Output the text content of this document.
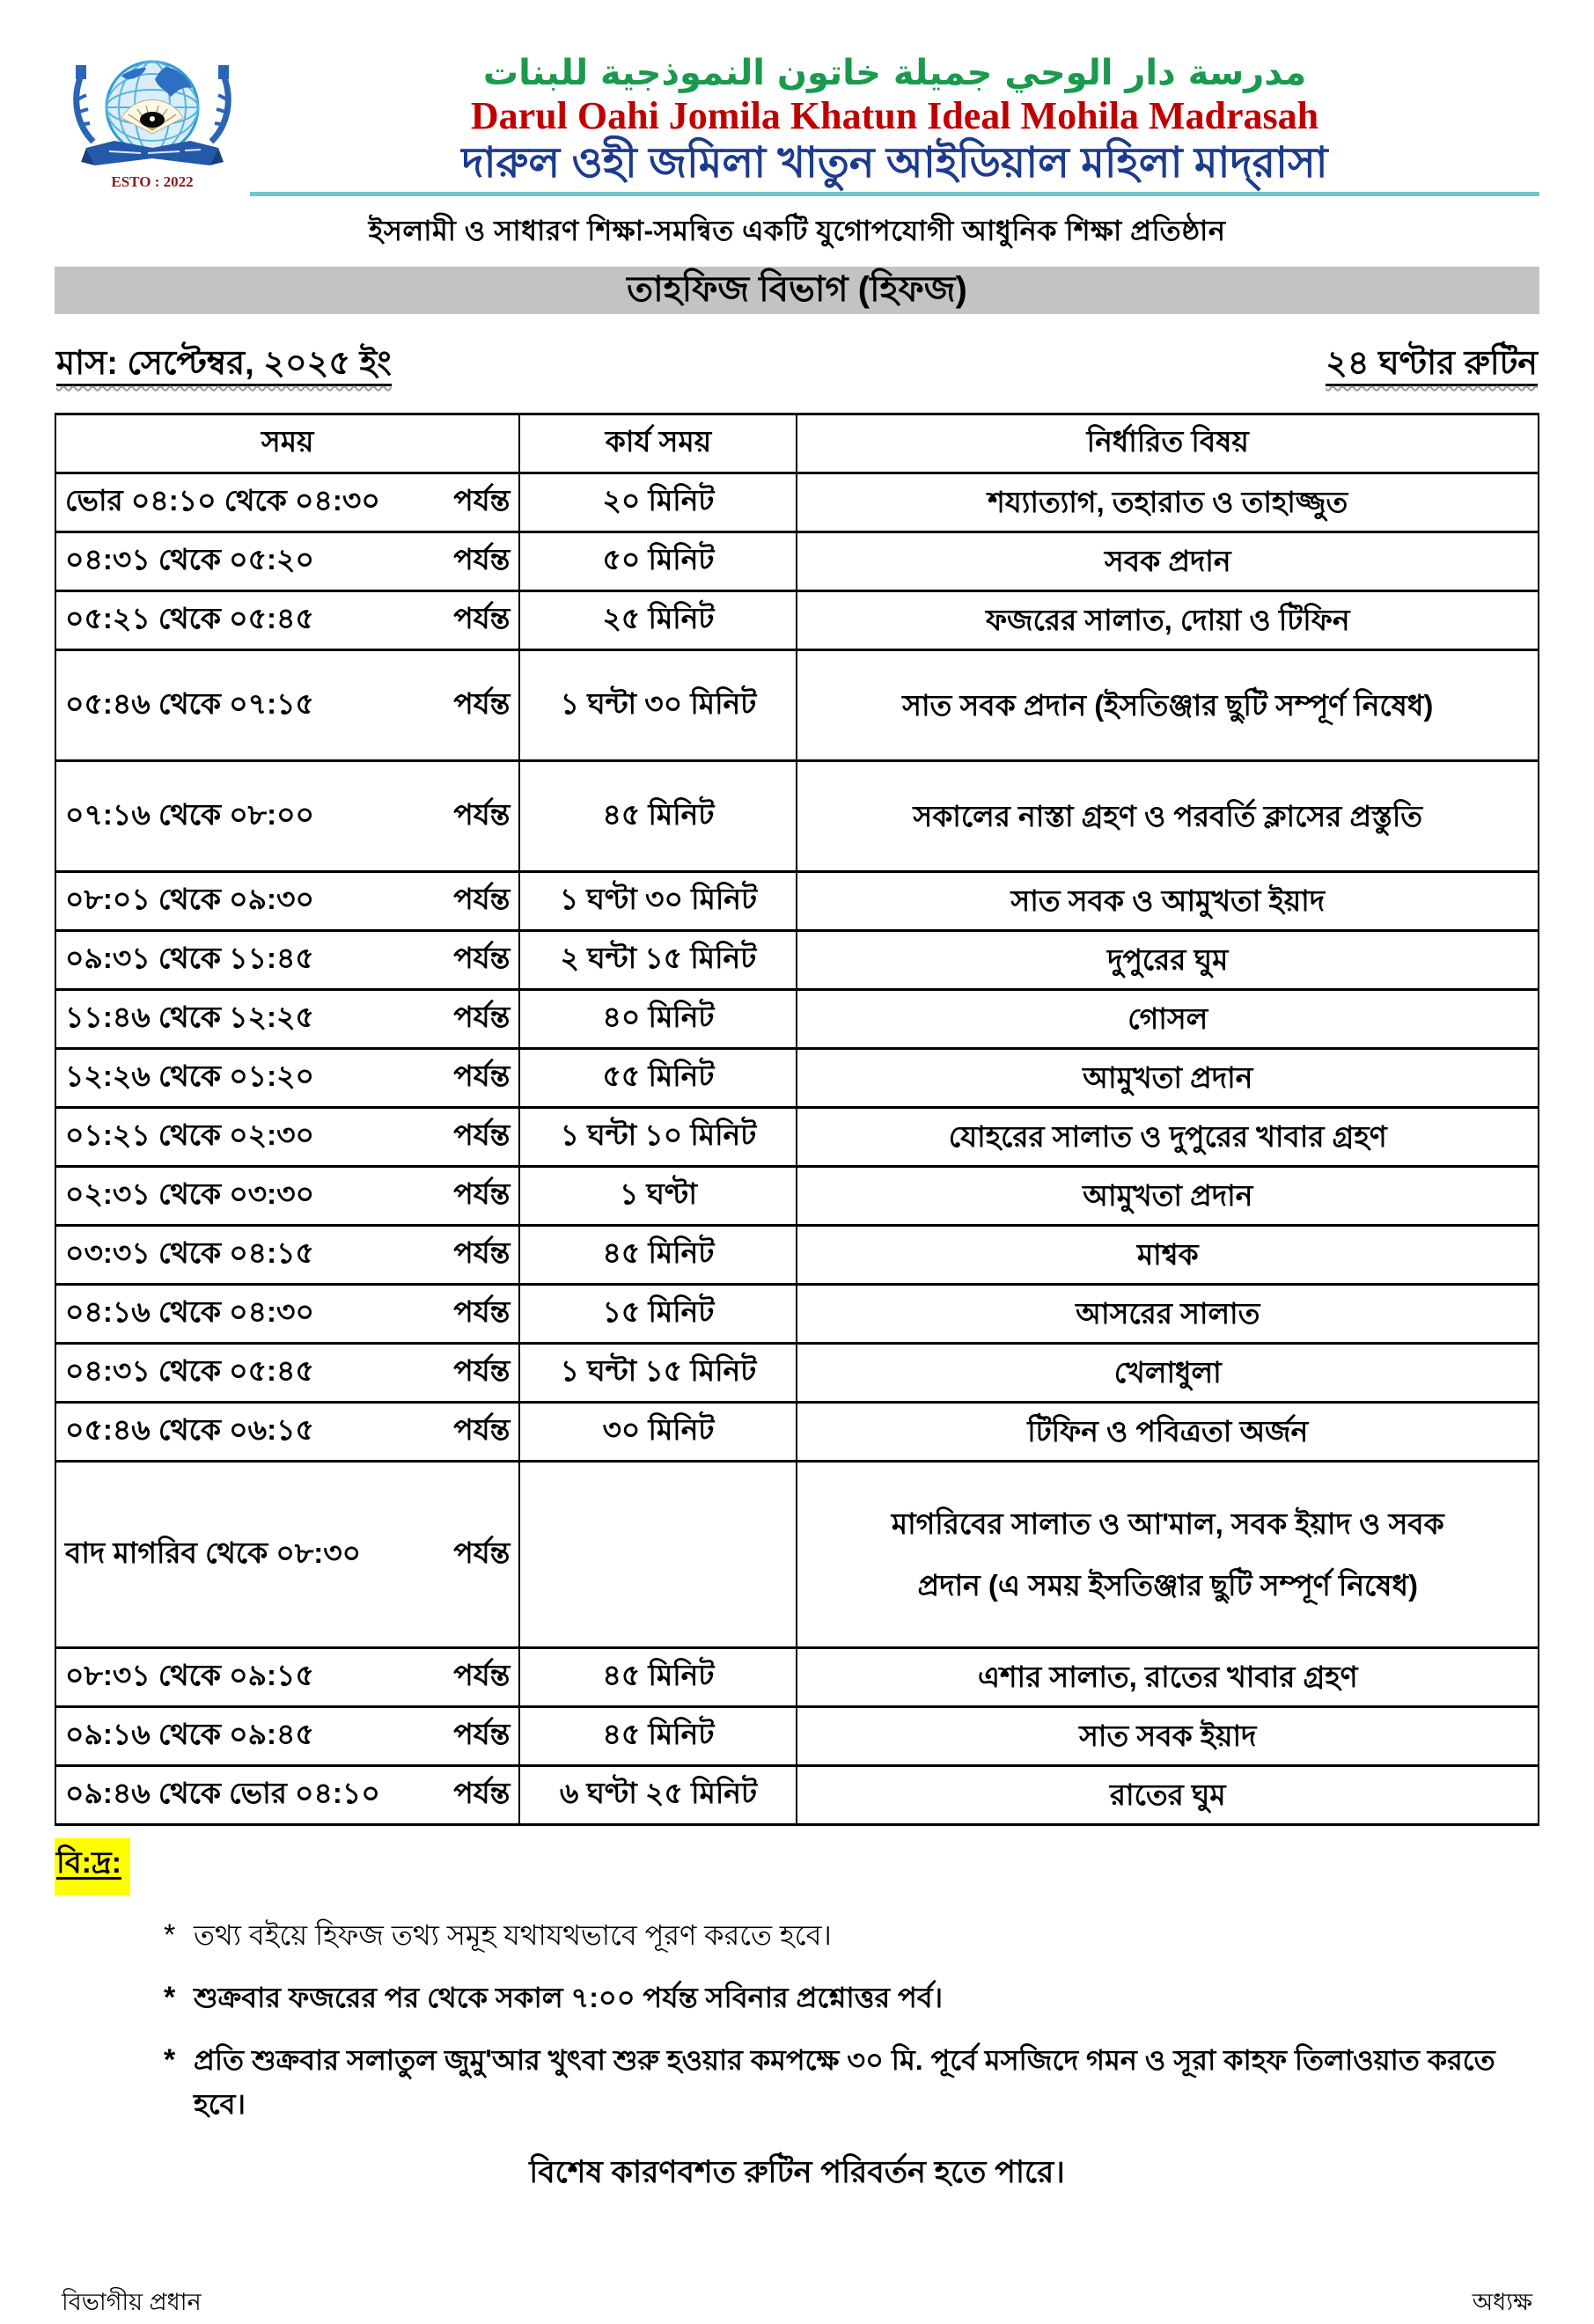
ESTO : 2022
مدرسة دار الوحي جميلة خاتون النموذجية للبنات
Darul Oahi Jomila Khatun Ideal Mohila Madrasah
দারুল ওহী জমিলা খাতুন আইডিয়াল মহিলা মাদ্‌রাসা
ইসলামী ও সাধারণ শিক্ষা-সমন্বিত একটি যুগোপযোগী আধুনিক শিক্ষা প্রতিষ্ঠান
তাহফিজ বিভাগ (হিফজ)
মাস: সেপ্টেম্বর, ২০২৫ ইং	২৪ ঘণ্টার রুটিন
সময়	কার্য সময়	নির্ধারিত বিষয়

ভোর ০৪:১০ থেকে ০৪:৩০ পর্যন্ত	২০ মিনিট	শয্যাত্যাগ, তহারাত ও তাহাজ্জুত

০৪:৩১ থেকে ০৫:২০ পর্যন্ত	৫০ মিনিট	সবক প্রদান

০৫:২১ থেকে ০৫:৪৫ পর্যন্ত	২৫ মিনিট	ফজরের সালাত, দোয়া ও টিফিন

০৫:৪৬ থেকে ০৭:১৫ পর্যন্ত	১ ঘন্টা ৩০ মিনিট	সাত সবক প্রদান (ইসতিঞ্জার ছুটি সম্পূর্ণ নিষেধ)

০৭:১৬ থেকে ০৮:০০ পর্যন্ত	৪৫ মিনিট	সকালের নাস্তা গ্রহণ ও পরবর্তি ক্লাসের প্রস্তুতি

০৮:০১ থেকে ০৯:৩০ পর্যন্ত	১ ঘণ্টা ৩০ মিনিট	সাত সবক ও আমুখতা ইয়াদ

০৯:৩১ থেকে ১১:৪৫ পর্যন্ত	২ ঘন্টা ১৫ মিনিট	দুপুরের ঘুম

১১:৪৬ থেকে ১২:২৫ পর্যন্ত	৪০ মিনিট	গোসল

১২:২৬ থেকে ০১:২০ পর্যন্ত	৫৫ মিনিট	আমুখতা প্রদান

০১:২১ থেকে ০২:৩০ পর্যন্ত	১ ঘন্টা ১০ মিনিট	যোহরের সালাত ও দুপুরের খাবার গ্রহণ

০২:৩১ থেকে ০৩:৩০ পর্যন্ত	১ ঘণ্টা	আমুখতা প্রদান

০৩:৩১ থেকে ০৪:১৫ পর্যন্ত	৪৫ মিনিট	মাশ্বক

০৪:১৬ থেকে ০৪:৩০ পর্যন্ত	১৫ মিনিট	আসরের সালাত

০৪:৩১ থেকে ০৫:৪৫ পর্যন্ত	১ ঘন্টা ১৫ মিনিট	খেলাধুলা

০৫:৪৬ থেকে ০৬:১৫ পর্যন্ত	৩০ মিনিট	টিফিন ও পবিত্রতা অর্জন

বাদ মাগরিব থেকে ০৮:৩০ পর্যন্ত		মাগরিবের সালাত ও আ'মাল, সবক ইয়াদ ও সবক প্রদান (এ সময় ইসতিঞ্জার ছুটি সম্পূর্ণ নিষেধ)

০৮:৩১ থেকে ০৯:১৫ পর্যন্ত	৪৫ মিনিট	এশার সালাত, রাতের খাবার গ্রহণ

০৯:১৬ থেকে ০৯:৪৫ পর্যন্ত	৪৫ মিনিট	সাত সবক ইয়াদ

০৯:৪৬ থেকে ভোর ০৪:১০ পর্যন্ত	৬ ঘণ্টা ২৫ মিনিট	রাতের ঘুম
বি:দ্র:
* তথ্য বইয়ে হিফজ তথ্য সমূহ যথাযথভাবে পূরণ করতে হবে।
* শুক্রবার ফজরের পর থেকে সকাল ৭:০০ পর্যন্ত সবিনার প্রশ্নোত্তর পর্ব।
* প্রতি শুক্রবার সলাতুল জুমু'আর খুৎবা শুরু হওয়ার কমপক্ষে ৩০ মি. পূর্বে মসজিদে গমন ও সূরা কাহফ তিলাওয়াত করতে হবে।
বিশেষ কারণবশত রুটিন পরিবর্তন হতে পারে।
বিভাগীয় প্রধান	অধ্যক্ষ
